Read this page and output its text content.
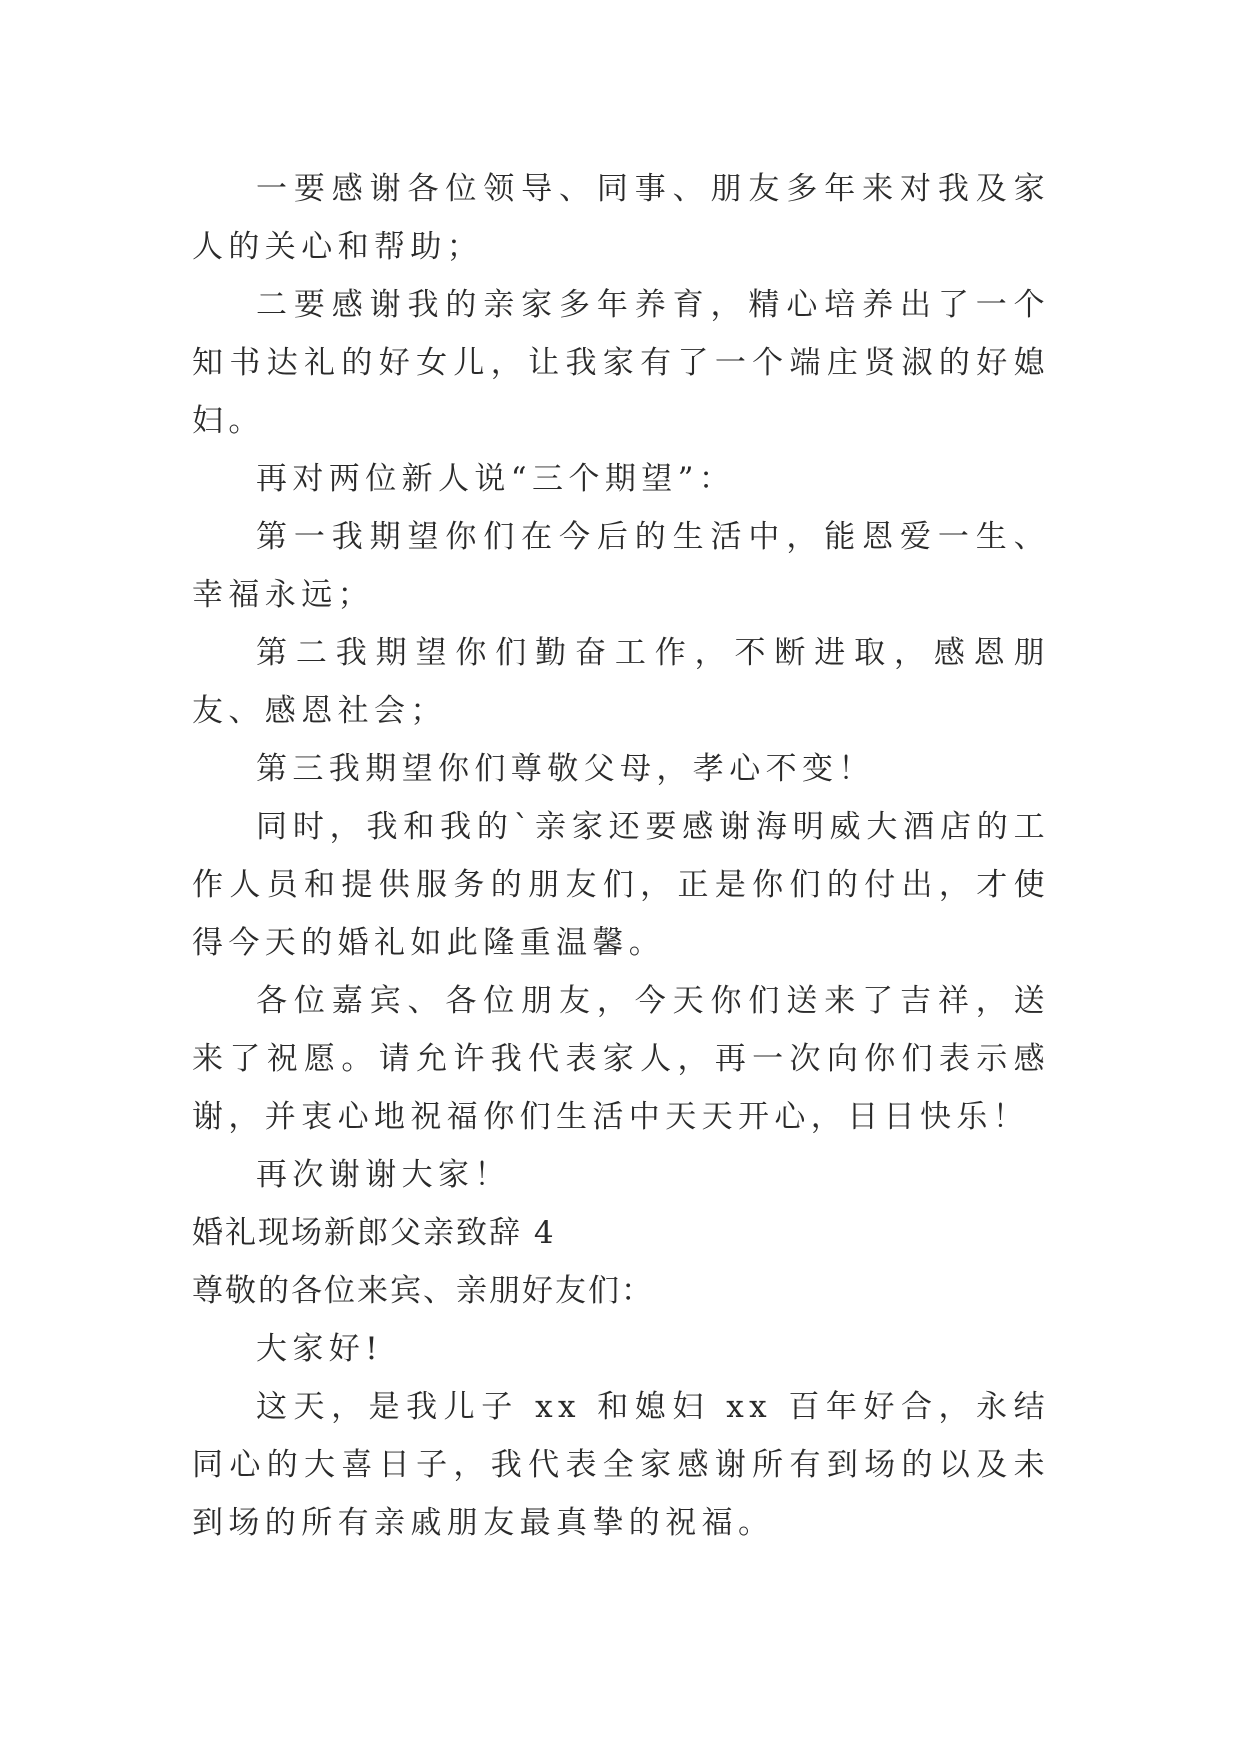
一要感谢各位领导、同事、朋友多年来对我及家人的关心和帮助；

二要感谢我的亲家多年养育，精心培养出了一个知书达礼的好女儿，让我家有了一个端庄贤淑的好媳妇。

再对两位新人说“三个期望”：

第一我期望你们在今后的生活中，能恩爱一生、幸福永远；

第二我期望你们勤奋工作，不断进取，感恩朋友、感恩社会；

第三我期望你们尊敬父母，孝心不变！

同时，我和我的`亲家还要感谢海明威大酒店的工作人员和提供服务的朋友们，正是你们的付出，才使得今天的婚礼如此隆重温馨。

各位嘉宾、各位朋友，今天你们送来了吉祥，送来了祝愿。请允许我代表家人，再一次向你们表示感谢，并衷心地祝福你们生活中天天开心，日日快乐！

再次谢谢大家！

婚礼现场新郎父亲致辞 4

尊敬的各位来宾、亲朋好友们：

大家好!

这天，是我儿子 xx 和媳妇 xx 百年好合，永结同心的大喜日子，我代表全家感谢所有到场的以及未到场的所有亲戚朋友最真挚的祝福。
